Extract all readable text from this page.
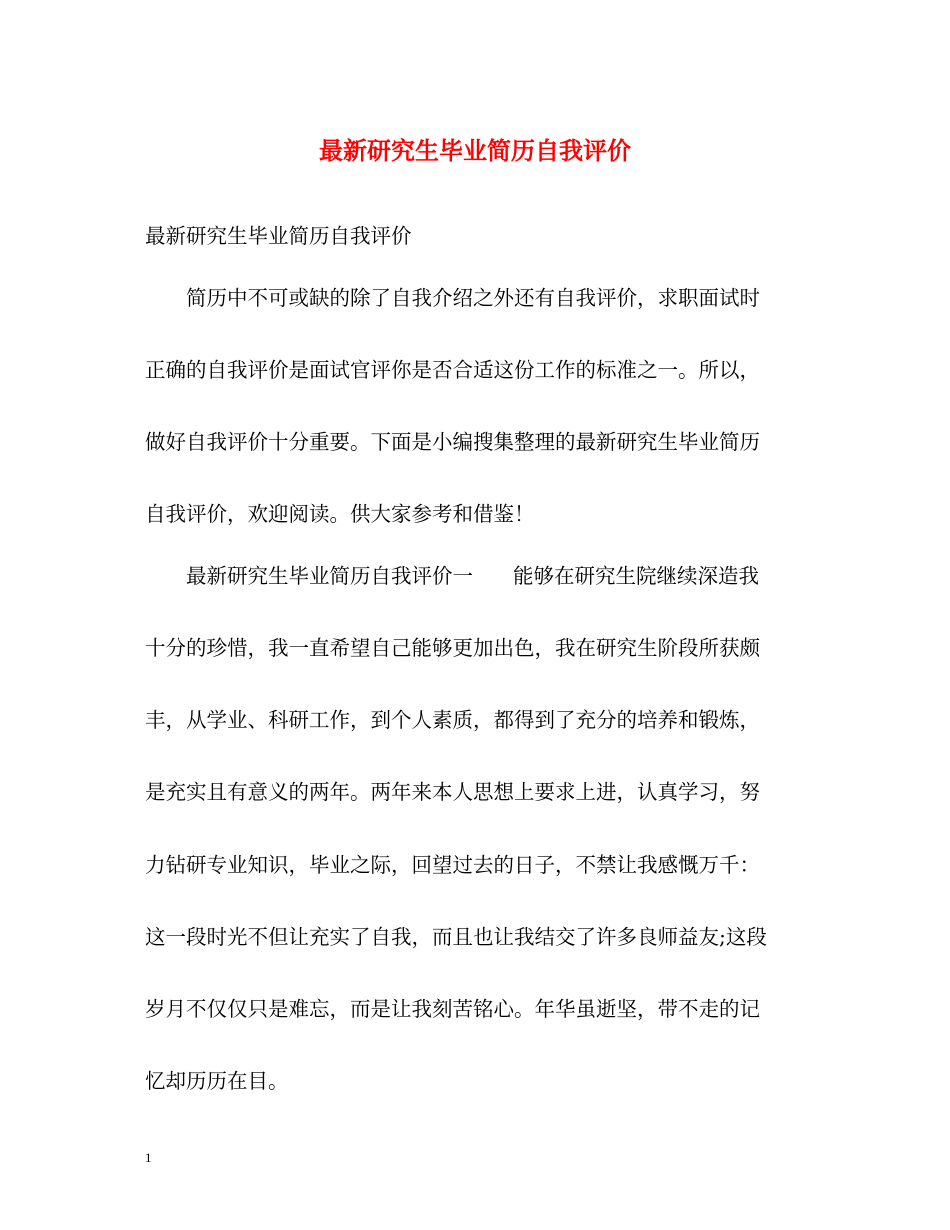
最新研究生毕业简历自我评价
最新研究生毕业简历自我评价
简历中不可或缺的除了自我介绍之外还有自我评价，求职面试时
正确的自我评价是面试官评你是否合适这份工作的标准之一。所以，
做好自我评价十分重要。下面是小编搜集整理的最新研究生毕业简历
自我评价，欢迎阅读。供大家参考和借鉴！
最新研究生毕业简历自我评价一 能够在研究生院继续深造我
十分的珍惜，我一直希望自己能够更加出色，我在研究生阶段所获颇
丰，从学业、科研工作，到个人素质，都得到了充分的培养和锻炼，
是充实且有意义的两年。两年来本人思想上要求上进，认真学习，努
力钻研专业知识，毕业之际，回望过去的日子，不禁让我感慨万千：
这一段时光不但让充实了自我，而且也让我结交了许多良师益友;这段
岁月不仅仅只是难忘，而是让我刻苦铭心。年华虽逝坚，带不走的记
忆却历历在目。
1
